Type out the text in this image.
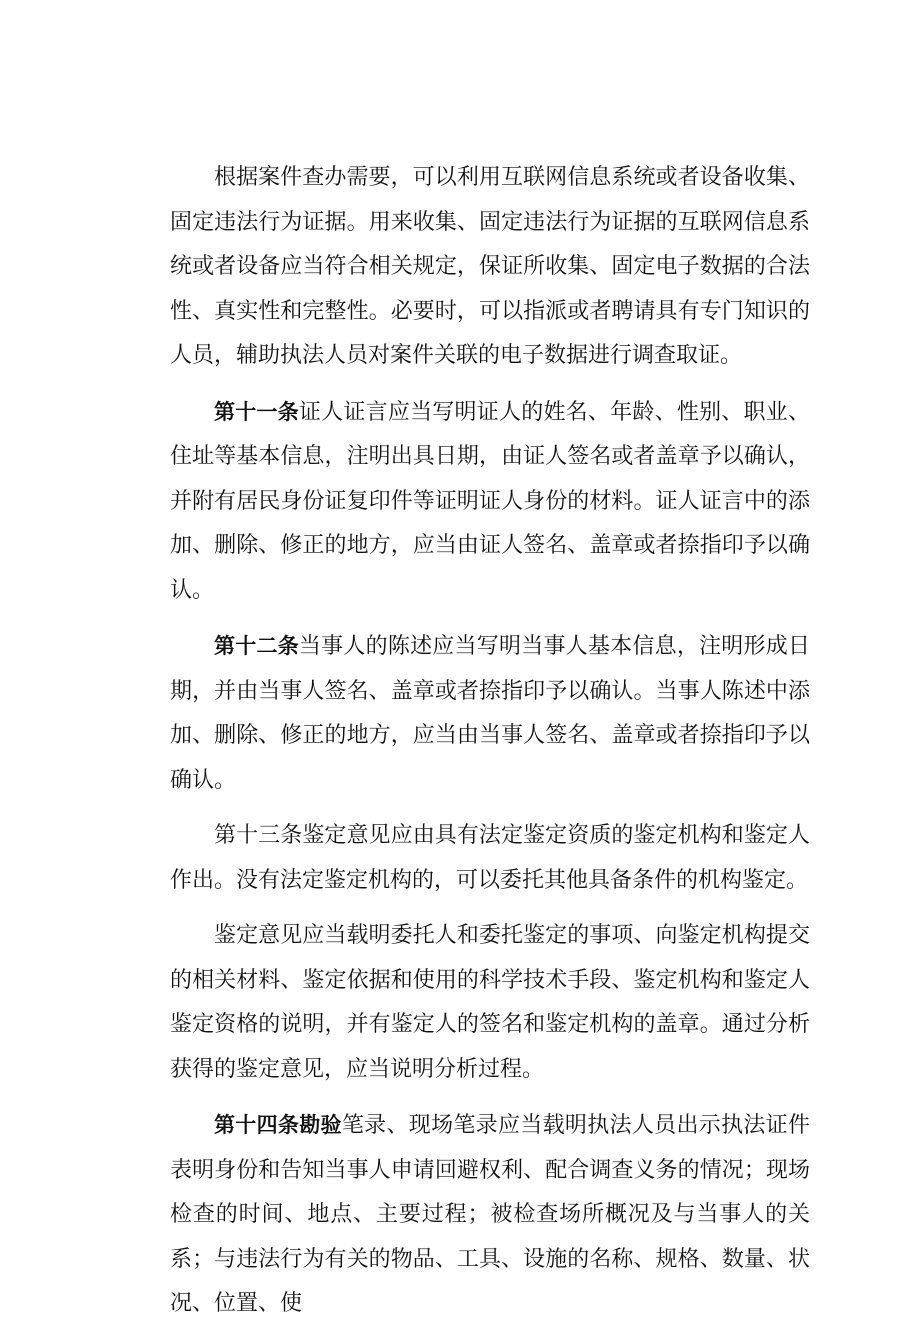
根据案件查办需要，可以利用互联网信息系统或者设备收集、固定违法行为证据。用来收集、固定违法行为证据的互联网信息系统或者设备应当符合相关规定，保证所收集、固定电子数据的合法性、真实性和完整性。必要时，可以指派或者聘请具有专门知识的人员，辅助执法人员对案件关联的电子数据进行调查取证。

第十一条证人证言应当写明证人的姓名、年龄、性别、职业、住址等基本信息，注明出具日期，由证人签名或者盖章予以确认，并附有居民身份证复印件等证明证人身份的材料。证人证言中的添加、删除、修正的地方，应当由证人签名、盖章或者捺指印予以确认。

第十二条当事人的陈述应当写明当事人基本信息，注明形成日期，并由当事人签名、盖章或者捺指印予以确认。当事人陈述中添加、删除、修正的地方，应当由当事人签名、盖章或者捺指印予以确认。

第十三条鉴定意见应由具有法定鉴定资质的鉴定机构和鉴定人作出。没有法定鉴定机构的，可以委托其他具备条件的机构鉴定。

鉴定意见应当载明委托人和委托鉴定的事项、向鉴定机构提交的相关材料、鉴定依据和使用的科学技术手段、鉴定机构和鉴定人鉴定资格的说明，并有鉴定人的签名和鉴定机构的盖章。通过分析获得的鉴定意见，应当说明分析过程。

第十四条勘验笔录、现场笔录应当载明执法人员出示执法证件表明身份和告知当事人申请回避权利、配合调查义务的情况；现场检查的时间、地点、主要过程；被检查场所概况及与当事人的关系；与违法行为有关的物品、工具、设施的名称、规格、数量、状况、位置、使
